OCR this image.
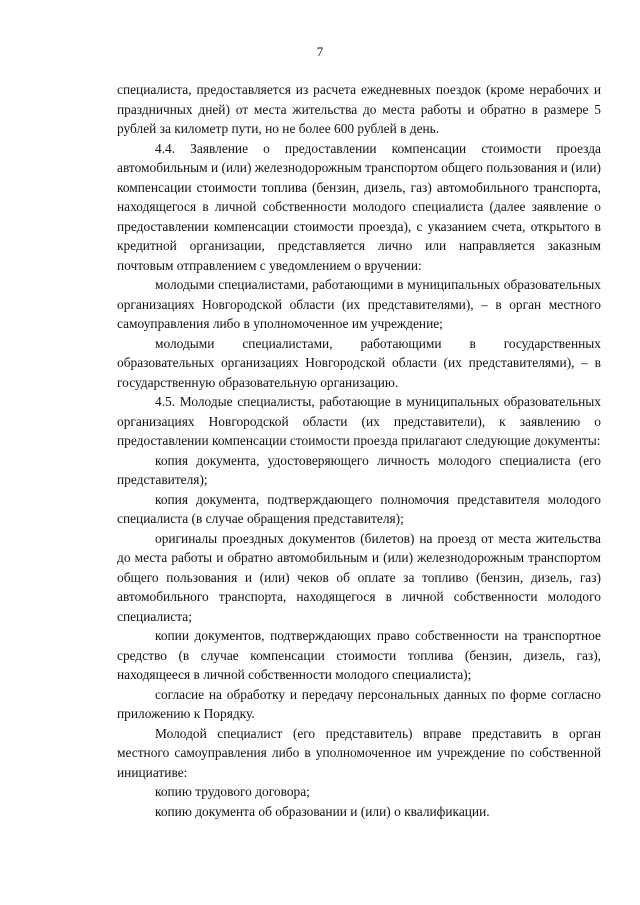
7

специалиста, предоставляется из расчета ежедневных поездок (кроме нерабочих и праздничных дней) от места жительства до места работы и обратно в размере 5 рублей за километр пути, но не более 600 рублей в день.

4.4. Заявление о предоставлении компенсации стоимости проезда автомобильным и (или) железнодорожным транспортом общего пользования и (или) компенсации стоимости топлива (бензин, дизель, газ) автомобильного транспорта, находящегося в личной собственности молодого специалиста (далее заявление о предоставлении компенсации стоимости проезда), с указанием счета, открытого в кредитной организации, представляется лично или направляется заказным почтовым отправлением с уведомлением о вручении:

молодыми специалистами, работающими в муниципальных образовательных организациях Новгородской области (их представителями), – в орган местного самоуправления либо в уполномоченное им учреждение;

молодыми специалистами, работающими в государственных образовательных организациях Новгородской области (их представителями), – в государственную образовательную организацию.

4.5. Молодые специалисты, работающие в муниципальных образовательных организациях Новгородской области (их представители), к заявлению о предоставлении компенсации стоимости проезда прилагают следующие документы:

копия документа, удостоверяющего личность молодого специалиста (его представителя);

копия документа, подтверждающего полномочия представителя молодого специалиста (в случае обращения представителя);

оригиналы проездных документов (билетов) на проезд от места жительства до места работы и обратно автомобильным и (или) железнодорожным транспортом общего пользования и (или) чеков об оплате за топливо (бензин, дизель, газ) автомобильного транспорта, находящегося в личной собственности молодого специалиста;

копии документов, подтверждающих право собственности на транспортное средство (в случае компенсации стоимости топлива (бензин, дизель, газ), находящееся в личной собственности молодого специалиста);

согласие на обработку и передачу персональных данных по форме согласно приложению к Порядку.

Молодой специалист (его представитель) вправе представить в орган местного самоуправления либо в уполномоченное им учреждение по собственной инициативе:

копию трудового договора;

копию документа об образовании и (или) о квалификации.
